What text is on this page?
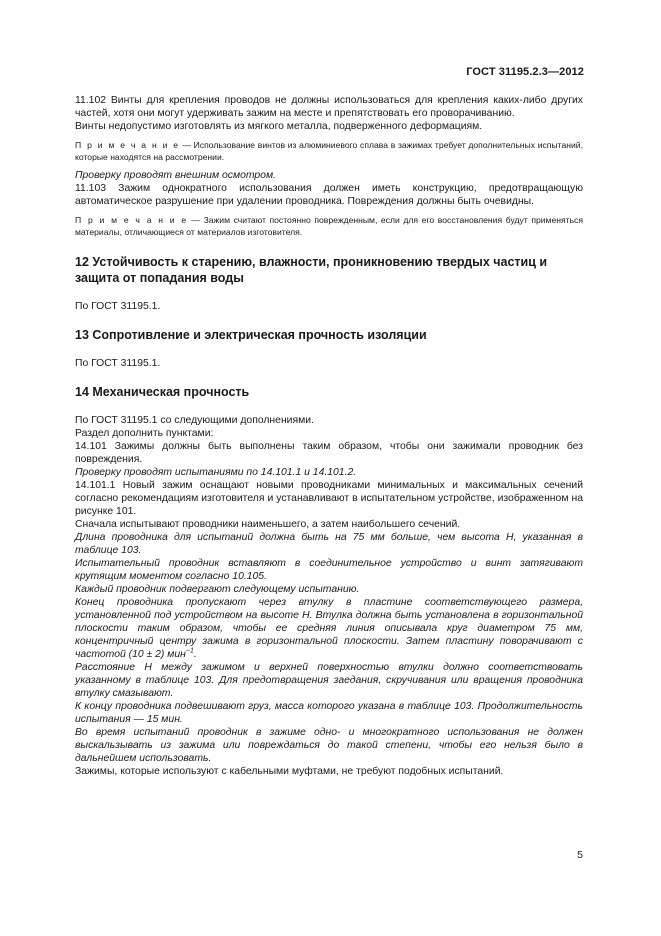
ГОСТ 31195.2.3—2012

11.102 Винты для крепления проводов не должны использоваться для крепления каких-либо других частей, хотя они могут удерживать зажим на месте и препятствовать его проворачиванию.

Винты недопустимо изготовлять из мягкого металла, подверженного деформациям.

П р и м е ч а н и е — Использование винтов из алюминиевого сплава в зажимах требует дополнительных испытаний, которые находятся на рассмотрении.

Проверку проводят внешним осмотром.

11.103 Зажим однократного использования должен иметь конструкцию, предотвращающую автоматическое разрушение при удалении проводника. Повреждения должны быть очевидны.

П р и м е ч а н и е — Зажим считают постоянно поврежденным, если для его восстановления будут применяться материалы, отличающиеся от материалов изготовителя.

12 Устойчивость к старению, влажности, проникновению твердых частиц и защита от попадания воды

По ГОСТ 31195.1.

13 Сопротивление и электрическая прочность изоляции

По ГОСТ 31195.1.

14 Механическая прочность

По ГОСТ 31195.1 со следующими дополнениями.

Раздел дополнить пунктами:

14.101 Зажимы должны быть выполнены таким образом, чтобы они зажимали проводник без повреждения.

Проверку проводят испытаниями по 14.101.1 и 14.101.2.

14.101.1 Новый зажим оснащают новыми проводниками минимальных и максимальных сечений согласно рекомендациям изготовителя и устанавливают в испытательном устройстве, изображенном на рисунке 101.

Сначала испытывают проводники наименьшего, а затем наибольшего сечений.

Длина проводника для испытаний должна быть на 75 мм больше, чем высота H, указанная в таблице 103.

Испытательный проводник вставляют в соединительное устройство и винт затягивают крутящим моментом согласно 10.105.

Каждый проводник подвергают следующему испытанию.

Конец проводника пропускают через втулку в пластине соответствующего размера, установленной под устройством на высоте H. Втулка должна быть установлена в горизонтальной плоскости таким образом, чтобы ее средняя линия описывала круг диаметром 75 мм, концентричный центру зажима в горизонтальной плоскости. Затем пластину поворачивают с частотой (10 ± 2) мин$^{-1}$.

Расстояние H между зажимом и верхней поверхностью втулки должно соответствовать указанному в таблице 103. Для предотвращения заедания, скручивания или вращения проводника втулку смазывают.

К концу проводника подвешивают груз, масса которого указана в таблице 103. Продолжительность испытания — 15 мин.

Во время испытаний проводник в зажиме одно- и многократного использования не должен выскальзывать из зажима или повреждаться до такой степени, чтобы его нельзя было в дальнейшем использовать.

Зажимы, которые используют с кабельными муфтами, не требуют подобных испытаний.

5
